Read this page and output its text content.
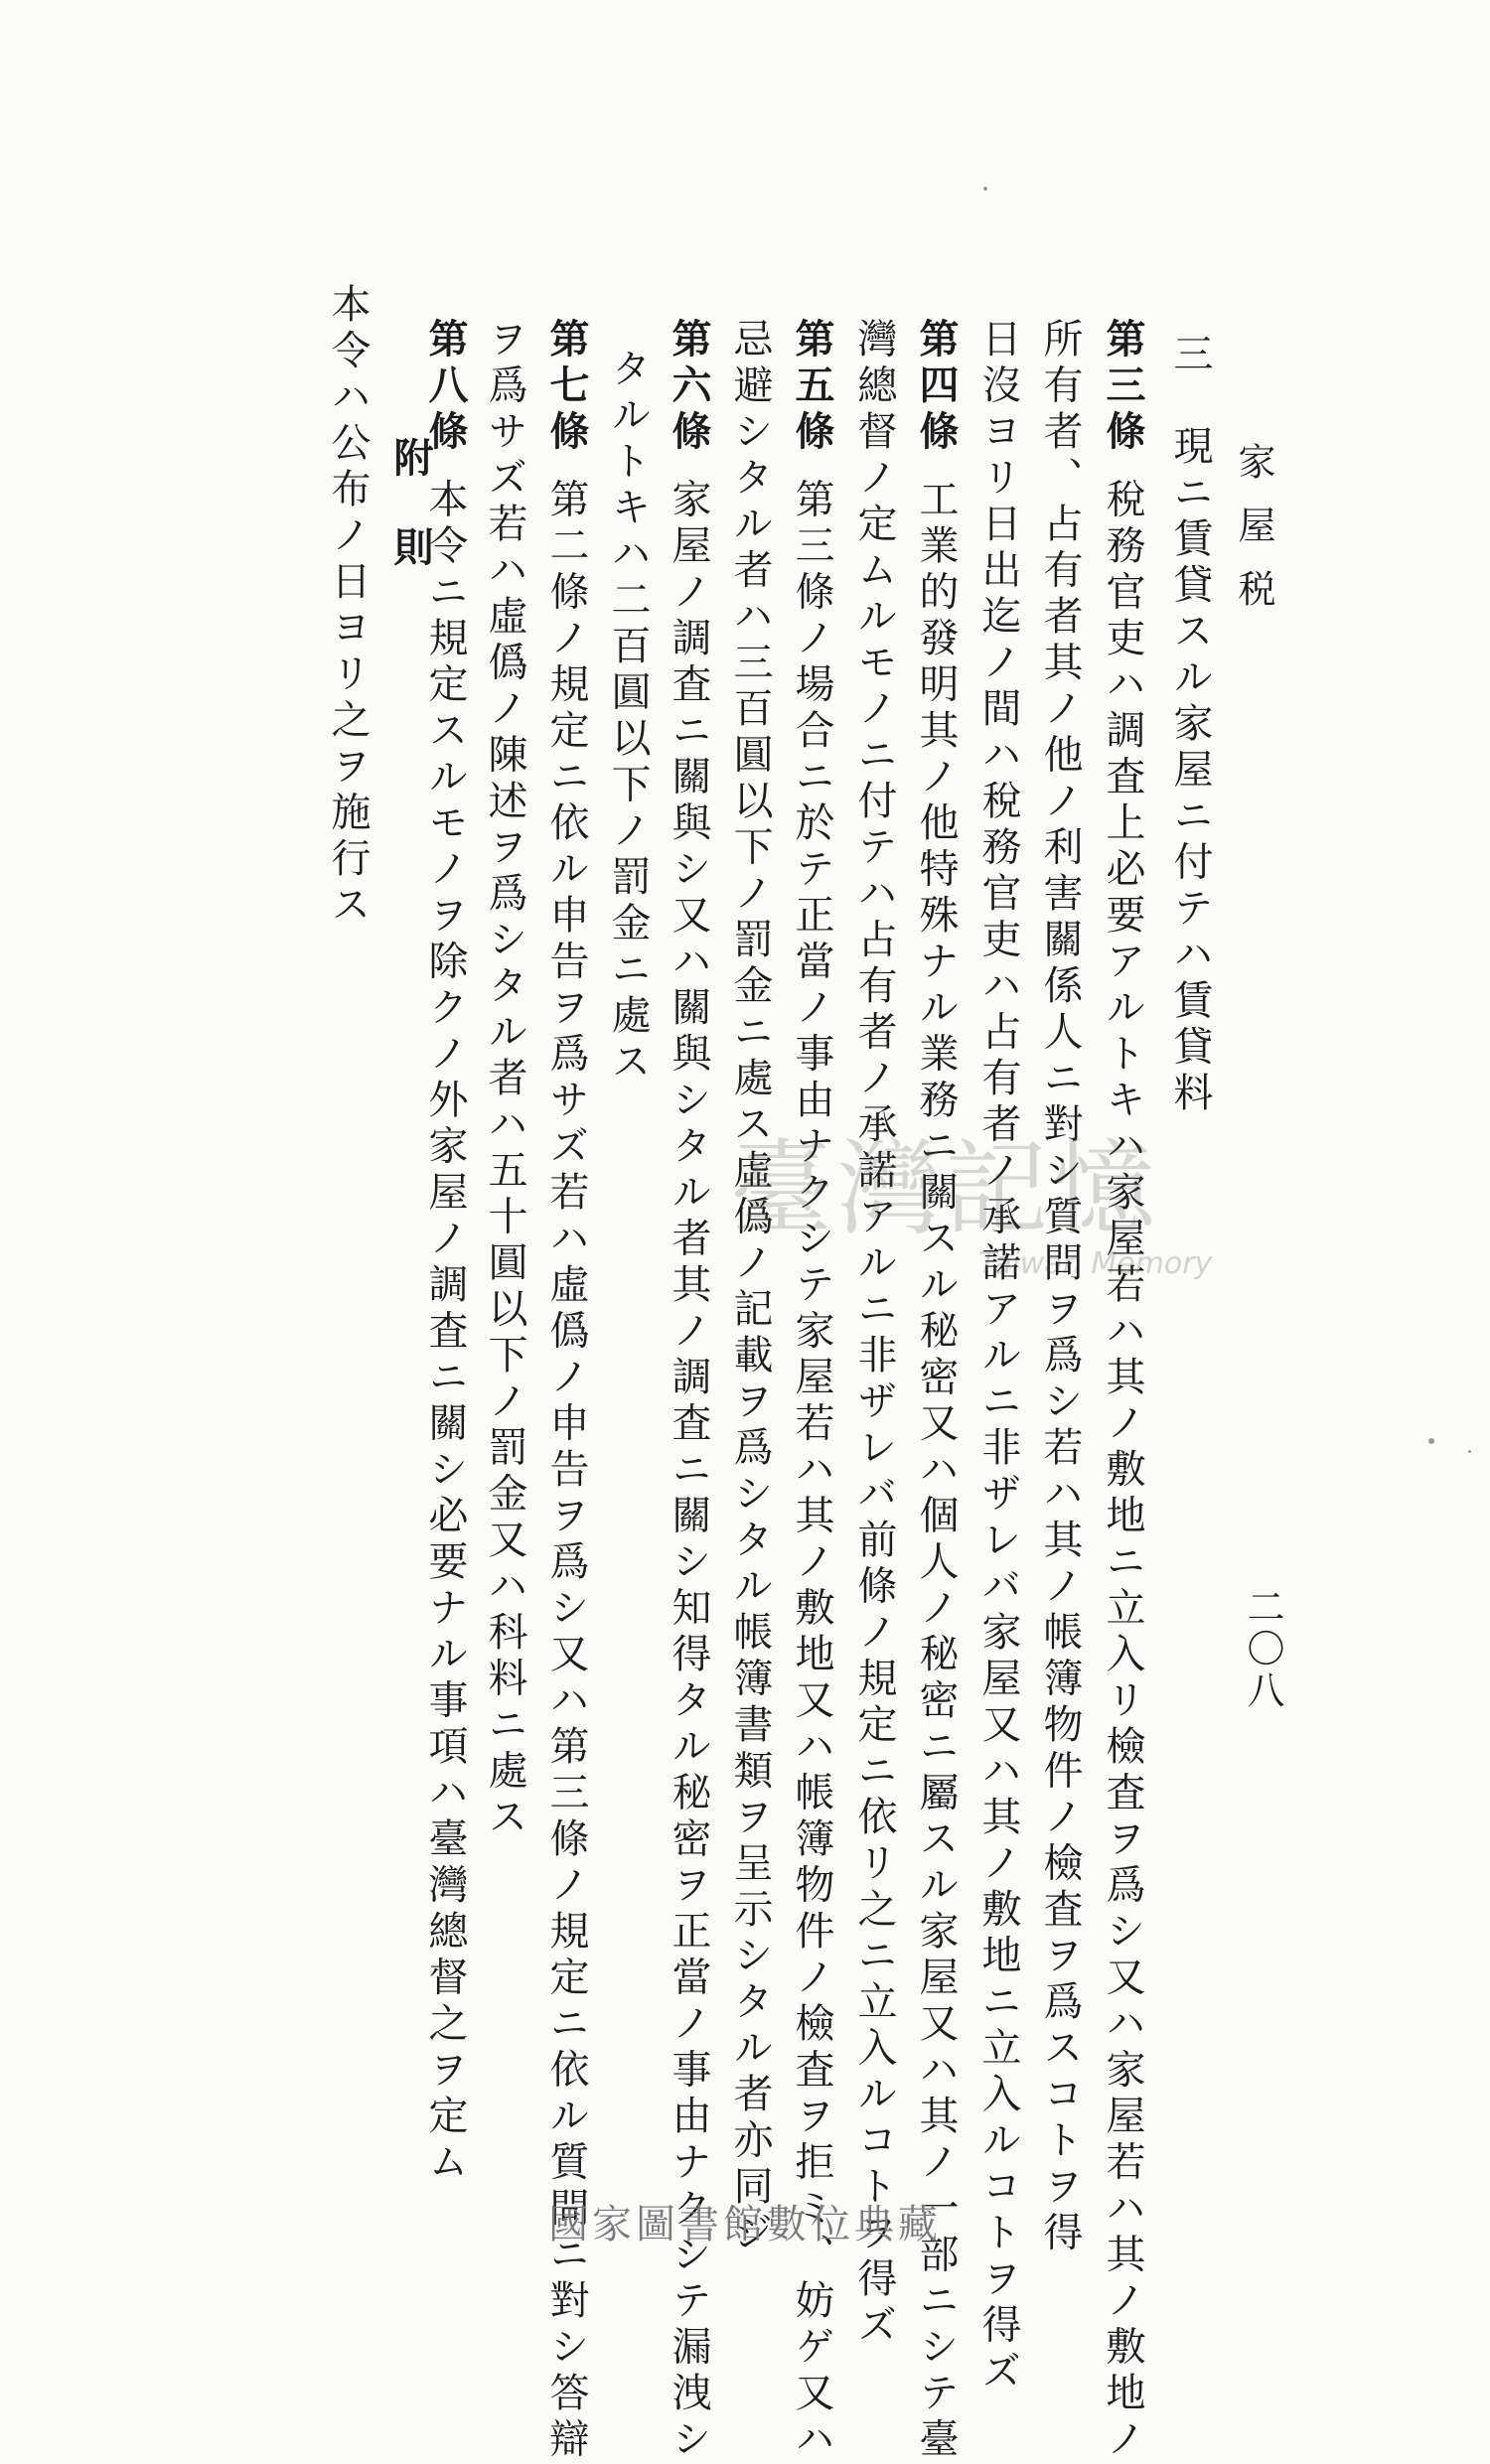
家屋税
二〇八
三　現ニ賃貸スル家屋ニ付テハ賃貸料
第三條稅務官吏ハ調査上必要アルトキハ家屋若ハ其ノ敷地ニ立入リ檢査ヲ爲シ又ハ家屋若ハ其ノ敷地ノ
所有者、占有者其ノ他ノ利害關係人ニ對シ質問ヲ爲シ若ハ其ノ帳簿物件ノ檢査ヲ爲スコトヲ得
日沒ヨリ日出迄ノ間ハ稅務官吏ハ占有者ノ承諾アルニ非ザレバ家屋又ハ其ノ敷地ニ立入ルコトヲ得ズ
第四條工業的發明其ノ他特殊ナル業務ニ關スル秘密又ハ個人ノ秘密ニ屬スル家屋又ハ其ノ一部ニシテ臺
灣總督ノ定ムルモノニ付テハ占有者ノ承諾アルニ非ザレバ前條ノ規定ニ依リ之ニ立入ルコトヲ得ズ
第五條第三條ノ場合ニ於テ正當ノ事由ナクシテ家屋若ハ其ノ敷地又ハ帳簿物件ノ檢査ヲ拒ミ、妨ゲ又ハ
忌避シタル者ハ三百圓以下ノ罰金ニ處ス虛僞ノ記載ヲ爲シタル帳簿書類ヲ呈示シタル者亦同ジ
第六條家屋ノ調査ニ關與シ又ハ關與シタル者其ノ調査ニ關シ知得タル秘密ヲ正當ノ事由ナクシテ漏洩シ
タルトキハ二百圓以下ノ罰金ニ處ス
第七條第二條ノ規定ニ依ル申告ヲ爲サズ若ハ虛僞ノ申告ヲ爲シ又ハ第三條ノ規定ニ依ル質問ニ對シ答辯
ヲ爲サズ若ハ虛僞ノ陳述ヲ爲シタル者ハ五十圓以下ノ罰金又ハ科料ニ處ス
第八條本令ニ規定スルモノヲ除クノ外家屋ノ調査ニ關シ必要ナル事項ハ臺灣總督之ヲ定ム
附則
本令ハ公布ノ日ヨリ之ヲ施行ス
臺灣記憶
Taiwan Memory
國家圖書館數位典藏
